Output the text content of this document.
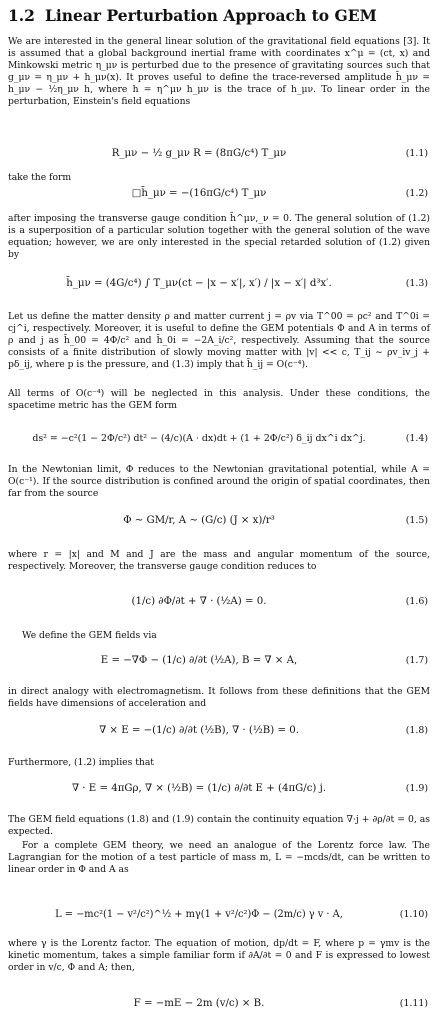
1.2 Linear Perturbation Approach to GEM

We are interested in the general linear solution of the gravitational field equations [3]. It is assumed that a global background inertial frame with coordinates x^μ = (ct, x) and Minkowski metric η_μν is perturbed due to the presence of gravitating sources such that g_μν = η_μν + h_μν(x). It proves useful to define the trace-reversed amplitude h̄_μν = h_μν − ½η_μν h, where h = η^μν h_μν is the trace of h_μν. To linear order in the perturbation, Einstein's field equations

R_μν − ½ g_μν R = (8πG/c⁴) T_μν	(1.1)

take the form

□h̄_μν = −(16πG/c⁴) T_μν	(1.2)

after imposing the transverse gauge condition h̄^μν,_ν = 0. The general solution of (1.2) is a superposition of a particular solution together with the general solution of the wave equation; however, we are only interested in the special retarded solution of (1.2) given by

h̄_μν = (4G/c⁴) ∫ T_μν(ct − |x − x′|, x′) / |x − x′| d³x′.	(1.3)

Let us define the matter density ρ and matter current j = ρv via T^00 = ρc² and T^0i = cj^i, respectively. Moreover, it is useful to define the GEM potentials Φ and A in terms of ρ and j as h̄_00 = 4Φ/c² and h̄_0i = −2A_i/c², respectively. Assuming that the source consists of a finite distribution of slowly moving matter with |v| << c, T_ij ∼ ρv_iv_j + pδ_ij, where p is the pressure, and (1.3) imply that h̄_ij = O(c⁻⁴).

All terms of O(c⁻⁴) will be neglected in this analysis. Under these conditions, the spacetime metric has the GEM form

ds² = −c²(1 − 2Φ/c²) dt² − (4/c)(A · dx)dt + (1 + 2Φ/c²) δ_ij dx^i dx^j.	(1.4)

In the Newtonian limit, Φ reduces to the Newtonian gravitational potential, while A = O(c⁻¹). If the source distribution is confined around the origin of spatial coordinates, then far from the source

Φ ∼ GM/r, A ∼ (G/c) (J × x)/r³	(1.5)

where r = |x| and M and J are the mass and angular momentum of the source, respectively. Moreover, the transverse gauge condition reduces to

(1/c) ∂Φ/∂t + ∇ · (½A) = 0.	(1.6)

We define the GEM fields via

E = −∇Φ − (1/c) ∂/∂t (½A), B = ∇ × A,	(1.7)

in direct analogy with electromagnetism. It follows from these definitions that the GEM fields have dimensions of acceleration and

∇ × E = −(1/c) ∂/∂t (½B), ∇ · (½B) = 0.	(1.8)

Furthermore, (1.2) implies that

∇ · E = 4πGρ, ∇ × (½B) = (1/c) ∂/∂t E + (4πG/c) j.	(1.9)

The GEM field equations (1.8) and (1.9) contain the continuity equation ∇·j + ∂ρ/∂t = 0, as expected.

For a complete GEM theory, we need an analogue of the Lorentz force law. The Lagrangian for the motion of a test particle of mass m, L = −mcds/dt, can be written to linear order in Φ and A as

L = −mc²(1 − v²/c²)^½ + mγ(1 + v²/c²)Φ − (2m/c) γ v · A,	(1.10)

where γ is the Lorentz factor. The equation of motion, dp/dt = F, where p = γmv is the kinetic momentum, takes a simple familiar form if ∂A/∂t = 0 and F is expressed to lowest order in v/c, Φ and A; then,

F = −mE − 2m (v/c) × B.	(1.11)
